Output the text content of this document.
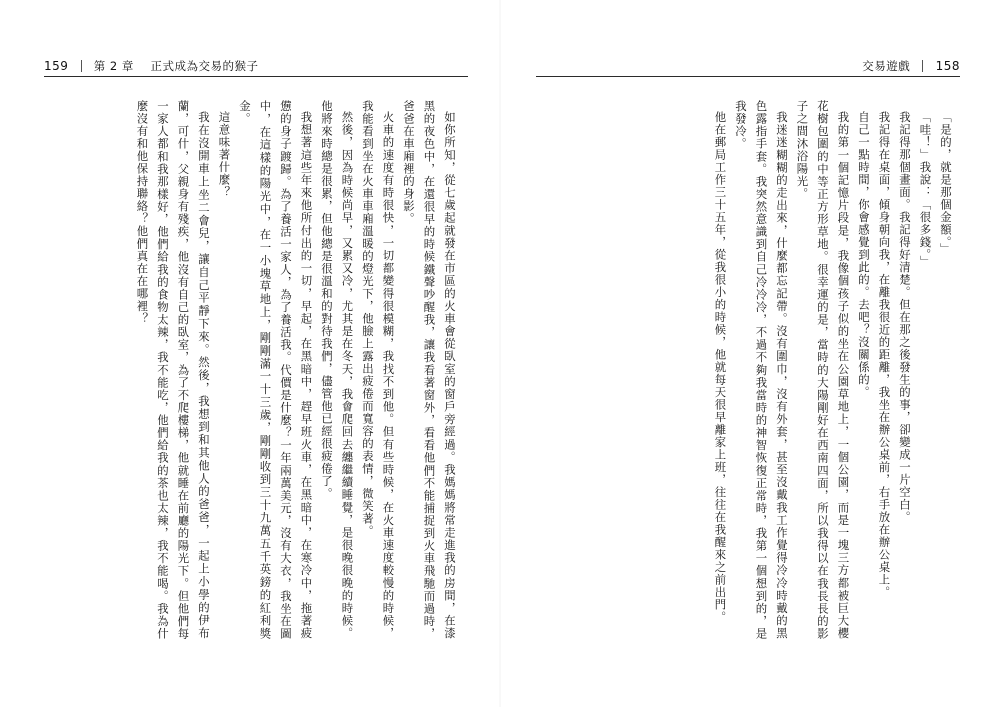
159 第 2 章 正式成為交易的猴子

如你所知，從七歲起就發在市區的火車會從臥室的窗戶旁經過。我媽媽將常走進我的房間，在漆黑的夜色中，在還很早的時候鐵聲吵醒我，讓我看著窗外，看看他們不能捕捉到火車飛馳而過時，爸爸在車廂裡的身影。

火車的速度有時很快，一切都變得很模糊，我找不到他。但有些時候，在火車速度較慢的時候，我能看到坐在火車車廂溫暖的燈光下，他臉上露出疲倦而寬容的表情，微笑著。

然後，因為時候尚早，又累又冷，尤其是在冬天，我會爬回去纏繼續睡覺，是很晚很晚的時候。他將來時總是很累，但他總是很溫和的對待我們，儘管他已經很疲倦了。

我想著這些年來他所付出的一切，早起，在黑暗中，趕早班火車，在黑暗中，在寒冷中，拖著疲憊的身子踱歸。為了養活一家人，為了養活我。代價是什麼？一年兩萬美元，沒有大衣，我坐在圖中，在這樣的陽光中，在一小塊草地上，剛剛滿一十三歲，剛剛收到三十九萬五千英鎊的紅利獎金。

這意味著什麼？

我在沒開車上坐二會兒，讓自己平靜下來。然後，我想到和其他人的爸爸，一起上小學的伊布蘭，可什，父親身有殘疾，他沒有自己的臥室，為了不爬樓梯，他就睡在前廳的陽光下。但他們每一家人都和我那樣好，他們給我的食物太辣，我不能吃，他們給我的茶也太辣，我不能喝。我為什麼沒有和他保持聯絡？他們真在在哪裡？

交易遊戲 158

「是的，就是那個金額。」

「哇！」我說：「很多錢。」

我記得那個畫面。我記得好清楚。但在那之後發生的事，卻變成一片空白。

我記得在桌面，傾身朝向我，在離我很近的距離，我坐在辦公桌前，右手放在辦公桌上。

自己一點時間，你會感覺到此的。去吧？沒關係的。

我的第一個記憶片段是，我像個孩子似的坐在公園草地上，一個公園，而是一塊三方都被巨大櫻花樹包圍的中等正方形草地。很幸運的是，當時的大陽剛好在西南四面，所以我得以在我長長的影子之間沐浴陽光。

我迷迷糊糊的走出來，什麼都忘記帶。沒有圍巾，沒有外套，甚至沒戴我工作覺得冷冷時戴的黑色露指手套。我突然意識到自己冷冷冷，不過不夠我當時的神智恢復正常時，我第一個想到的，是我發冷。

他在郵局工作三十五年，從我很小的時候，他就每天很早離家上班，往往在我醒來之前出門。
